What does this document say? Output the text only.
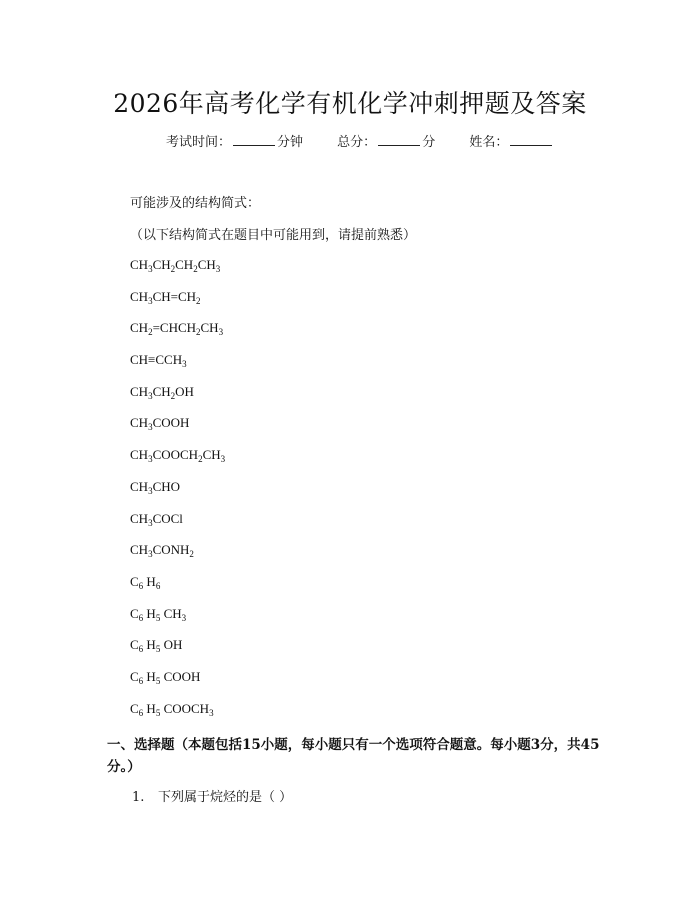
2026年高考化学有机化学冲刺押题及答案
考试时间：	分钟	总分：	分	姓名：
可能涉及的结构简式：
（以下结构简式在题目中可能用到，请提前熟悉）
$CH_3CH_2CH_2CH_3$
$CH_3CH=CH_2$
$CH_2=CHCH_2CH_3$
$CH\equiv CCH_3$
$CH_3CH_2OH$
$CH_3COOH$
$CH_3COOCH_2CH_3$
$CH_3CHO$
$CH_3COCl$
$CH_3CONH_2$
$C_6$ $H_6$
$C_6$ $H_5$ $CH_3$
$C_6$ $H_5$ OH
$C_6$ $H_5$ COOH
$C_6$ $H_5$ $COOCH_3$
一、选择题（本题包括15小题，每小题只有一个选项符合题意。每小题3分，共45分。）
1. 下列属于烷烃的是（ ）
